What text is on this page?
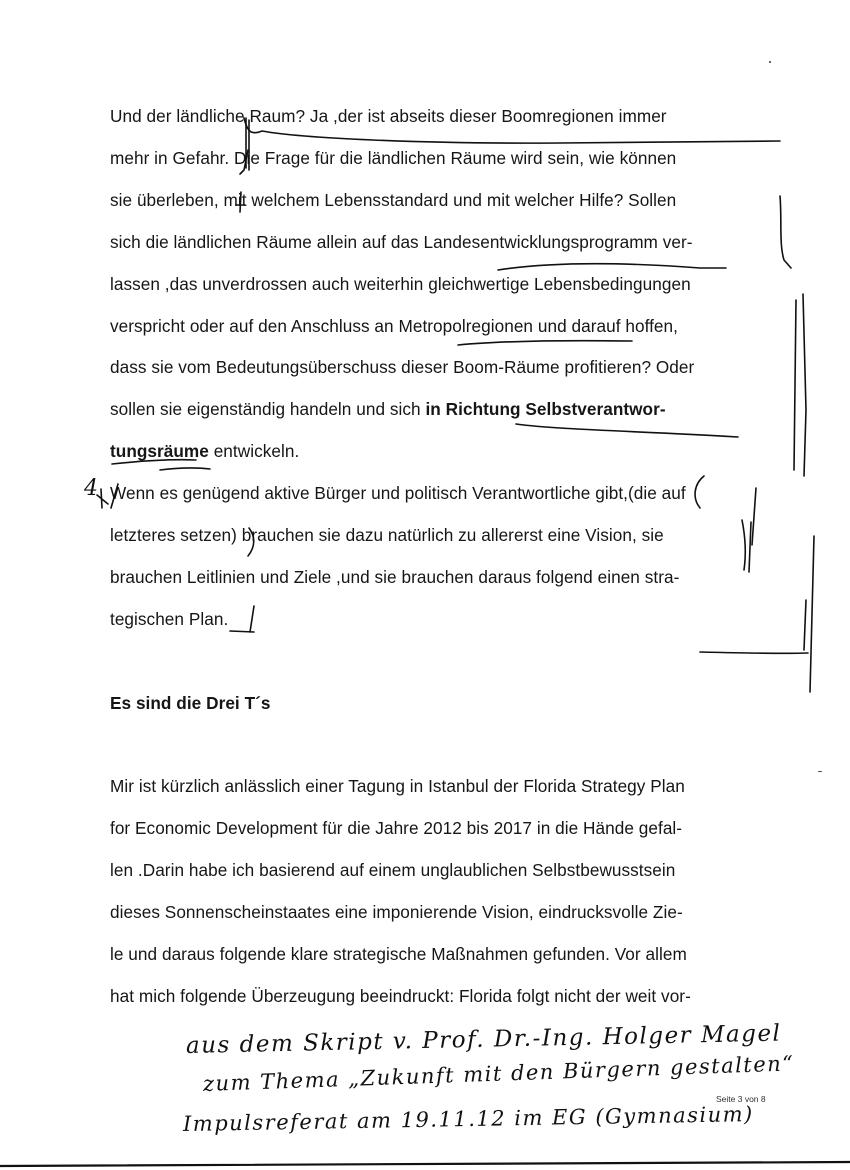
Und der ländliche Raum? Ja ,der ist abseits dieser Boomregionen immer
mehr in Gefahr. Die Frage für die ländlichen Räume wird sein, wie können
sie überleben, mit welchem Lebensstandard und mit welcher Hilfe? Sollen
sich die ländlichen Räume allein auf das Landesentwicklungsprogramm ver-
lassen ,das unverdrossen auch weiterhin gleichwertige Lebensbedingungen
verspricht oder auf den Anschluss an Metropolregionen und darauf hoffen,
dass sie vom Bedeutungsüberschuss dieser Boom-Räume profitieren? Oder
sollen sie eigenständig handeln und sich in Richtung Selbstverantwor-
tungsräume entwickeln.
Wenn es genügend aktive Bürger und politisch Verantwortliche gibt,(die auf
letzteres setzen) brauchen sie dazu natürlich zu allererst eine Vision, sie
brauchen Leitlinien und Ziele ,und sie brauchen daraus folgend einen stra-
tegischen Plan.
Es sind die Drei T´s
Mir ist kürzlich anlässlich einer Tagung in Istanbul der Florida Strategy Plan
for Economic Development für die Jahre 2012 bis 2017 in die Hände gefal-
len .Darin habe ich basierend auf einem unglaublichen Selbstbewusstsein
dieses Sonnenscheinstaates eine imponierende Vision, eindrucksvolle Zie-
le und daraus folgende klare strategische Maßnahmen gefunden. Vor allem
hat mich folgende Überzeugung beeindruckt: Florida folgt nicht der weit vor-
4
aus dem Skript v. Prof. Dr.-Ing. Holger Magel
zum Thema „Zukunft mit den Bürgern gestalten“
Impulsreferat am 19.11.12 im EG (Gymnasium)
Seite 3 von 8
